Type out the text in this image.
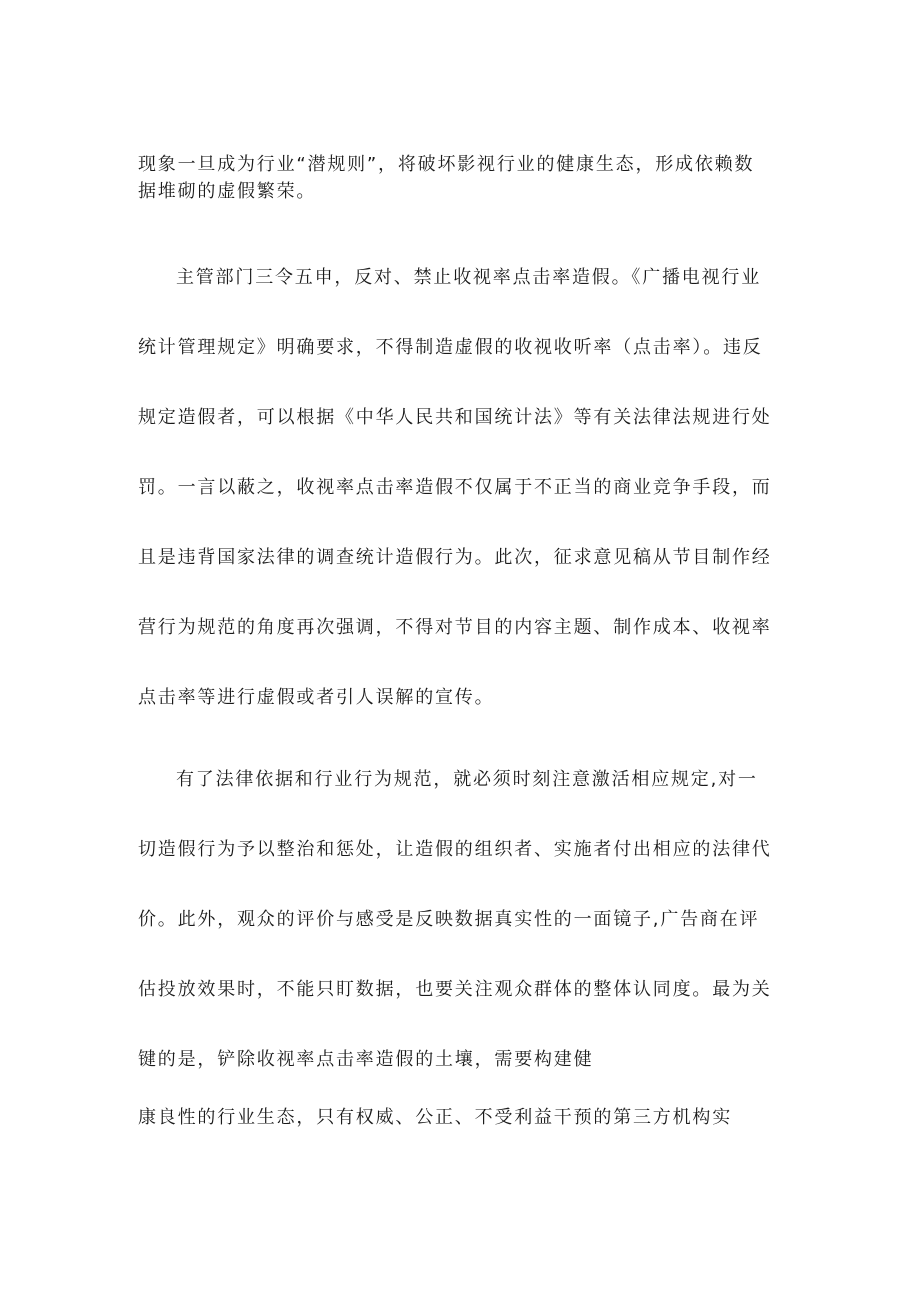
现象一旦成为行业“潜规则”，将破坏影视行业的健康生态，形成依赖数
据堆砌的虚假繁荣。
主管部门三令五申，反对、禁止收视率点击率造假。《广播电视行业
统计管理规定》明确要求，不得制造虚假的收视收听率（点击率）。违反
规定造假者，可以根据《中华人民共和国统计法》等有关法律法规进行处
罚。一言以蔽之，收视率点击率造假不仅属于不正当的商业竞争手段，而
且是违背国家法律的调查统计造假行为。此次，征求意见稿从节目制作经
营行为规范的角度再次强调，不得对节目的内容主题、制作成本、收视率
点击率等进行虚假或者引人误解的宣传。
有了法律依据和行业行为规范，就必须时刻注意激活相应规定,对一
切造假行为予以整治和惩处，让造假的组织者、实施者付出相应的法律代
价。此外，观众的评价与感受是反映数据真实性的一面镜子,广告商在评
估投放效果时，不能只盯数据，也要关注观众群体的整体认同度。最为关
键的是，铲除收视率点击率造假的土壤，需要构建健
康良性的行业生态，只有权威、公正、不受利益干预的第三方机构实
